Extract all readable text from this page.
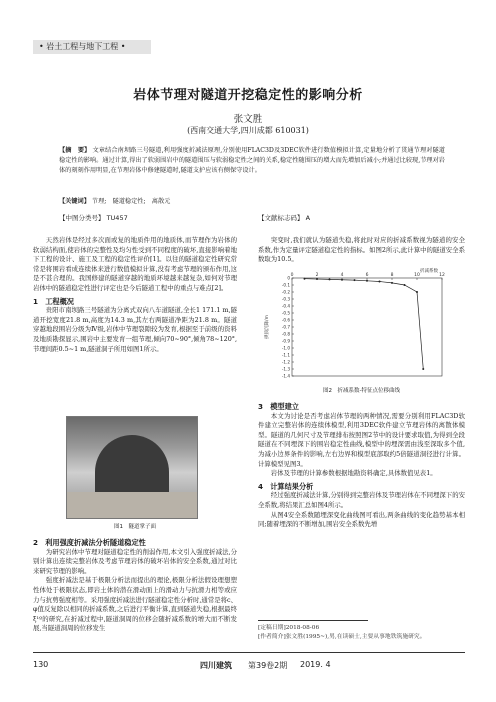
• 岩土工程与地下工程 •
岩体节理对隧道开挖稳定性的影响分析
张文胜
(西南交通大学,四川成都 610031)
【摘　要】 文章结合南坝路三号隧道,利用强度折减法原理,分别使用FLAC3D及3DEC软件进行数值模拟计算,定量地分析了贯通节理对隧道稳定性的影响。通过计算,得出了软弱围岩中的隧道围压与软弱稳定性之间的关系,稳定性随围压的增大而先增加后减小;并通过比较现,节理对岩体的刻刻作用明显,在节理岩体中修建隧道时,隧道支护应该有侧保守设计。
【关键词】 节理;　隧道稳定性;　离散元
【中图分类号】 TU457	【文献标志码】 A

天然岩体是经过多次面或复的地质件用的地质体,而节理作为岩体的软弱结构面,使岩体的完整性及均匀性受到不同程度的破坏,直接影响着地下工程的设计、施工及工程的稳定性评价[1]。以往的隧道稳定性研究常常是将围岩看成连续体来进行数值模拟计算,没有考虑节理的颁布作用,这是不甚合理的。我国修建的隧道穿越的地质环境越来越复杂,如何对节理岩体中的隧道稳定性进行评定也是今后隧道工程中的重点与难点[2]。

1　工程概况

贵阳市南坝路三号隧道为分离式双向八车道隧道,全长1 171.1 m,隧道开挖宽度21.8 m,高度为14.3 m,其左右两隧道净距为21.8 m。隧道穿越地段围岩分级为Ⅳ级,岩体中节理裂隙较为发育,根据至于前级的资料及地质勘探显示,围岩中主要发育一组节理,倾向70~90°,倾角78~120°,节理间距0.5~1 m,隧道洞子所用如图1所示。

图1　隧道掌子面
2　利用强度折减法分析隧道稳定性

为研究岩体中节理对隧道稳定性的削弱作用,本文引入强度折减法,分别计算出连续完整岩体及考虑节理岩体的破坏岩体的安全系数,通过对比来研究节理的影响。

强度折减法是基于极限分析法而提出的理论,极限分析法假设理想塑性体处于极限状态,即岩土体的潜在滑动面上的滑动力与抗滑力相等或应力与抗剪强度相等。采用强度折减法进行隧道稳定性分析时,通常是将c、φ值反复除以相同的折减系数,之后进行平衡计算,直到隧道失稳,根据最终ξ¹º的研究,在折减过程中,隧道洞周的位移会随折减系数的增大而不断发展,当隧道洞周的位移发生

突变时,我们就认为隧道失稳,将此时对应的折减系数视为隧道的安全系数,作为定量评定隧道稳定性的指标。如图2所示,此计算中的隧道安全系数取为10.5。

0	2	4	6	8	10	12
0
-0.1
-0.2
-0.3
-0.4
-0.5
-0.6
-0.7
-0.8
-0.9
-1.0
-1.1
-1.2
-1.3
-1.4
拱顶沉降/m
折减系数
图2　折减系数-特征点位移曲线
3　模型建立

本文为讨论是否考虑岩体节理的两种情况,需要分别利用FLAC3D软件建立完整岩体的连续体模型,利用3DEC软件建立节理岩体的离散体模型。隧道的几何尺寸及节理排布按照图2节中的设计要求取值,为得到全段隧道在不同埋深下的围岩稳定性曲线,模型中的埋深需由浅至深取多个值,为减小边界条件的影响,左右边界和模型底部取约5倍隧道洞径进行计算。计算模型见图3。

岩体及节理的计算参数根据地勘资料确定,具体数值见表1。

4　计算结果分析

经过强度折减法计算,分别得到完整岩体及节理岩体在不同埋深下的安全系数,将结果汇总如图4所示。

从图4安全系数随埋深变化曲线图可看出,两条曲线的变化趋势基本相同;随着埋深的不断增加,围岩安全系数先增

[定稿日期]2018-08-06
[作者简介]张文胜(1995~),男,在读硕士,主要从事地铁筑施研究。
130	四川建筑 第39卷2期 2019. 4
